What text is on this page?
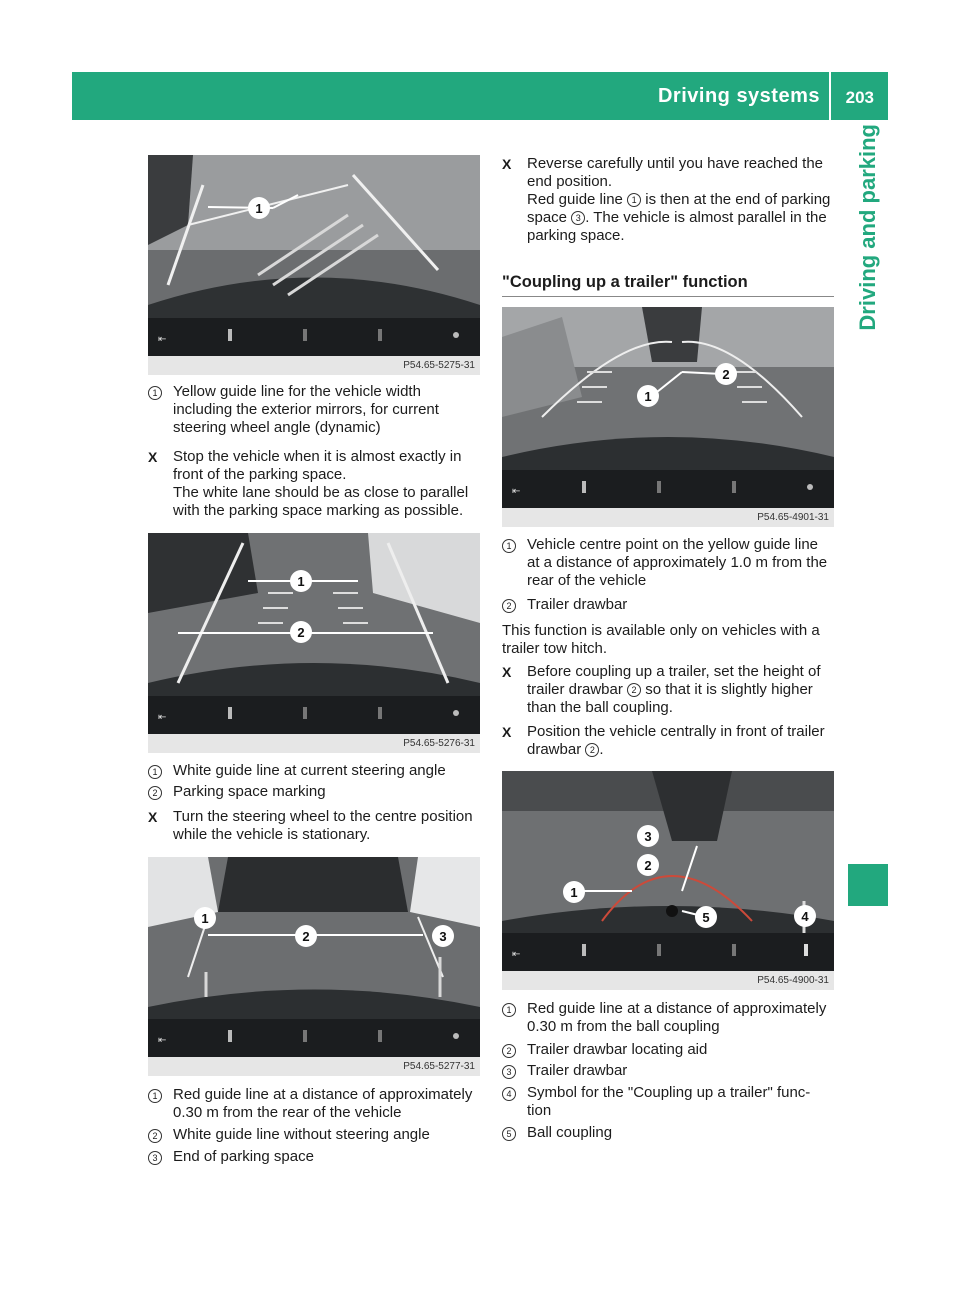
Driving systems 203
Driving and parking
⇤
1
P54.65-5275-31
1	Yellow guide line for the vehicle width including the exterior mirrors, for current steering wheel angle (dynamic)
X	Stop the vehicle when it is almost exactly in front of the parking space.
The white lane should be as close to parallel with the parking space marking as possible.
⇤
1
2
P54.65-5276-31
1	White guide line at current steering angle
2	Parking space marking
X	Turn the steering wheel to the centre position while the vehicle is stationary.
⇤
1
2	3
P54.65-5277-31
1	Red guide line at a distance of approximately 0.30 m from the rear of the vehicle
2	White guide line without steering angle
3	End of parking space
X	Reverse carefully until you have reached the end position.
Red guide line 1 is then at the end of parking space 3 . The vehicle is almost parallel in the parking space.
"Coupling up a trailer" function
⇤
1
2
P54.65-4901-31
1	Vehicle centre point on the yellow guide line at a distance of approximately 1.0 m from the rear of the vehicle
2	Trailer drawbar
This function is available only on vehicles with a trailer tow hitch.
X	Before coupling up a trailer, set the height of trailer drawbar 2 so that it is slightly higher than the ball coupling.
X	Position the vehicle centrally in front of trailer drawbar 2 .
⇤
3
2
1
4
5
P54.65-4900-31
1	Red guide line at a distance of approximately 0.30 m from the ball coupling
2	Trailer drawbar locating aid
3	Trailer drawbar
4	Symbol for the "Coupling up a trailer" func-tion
5	Ball coupling
